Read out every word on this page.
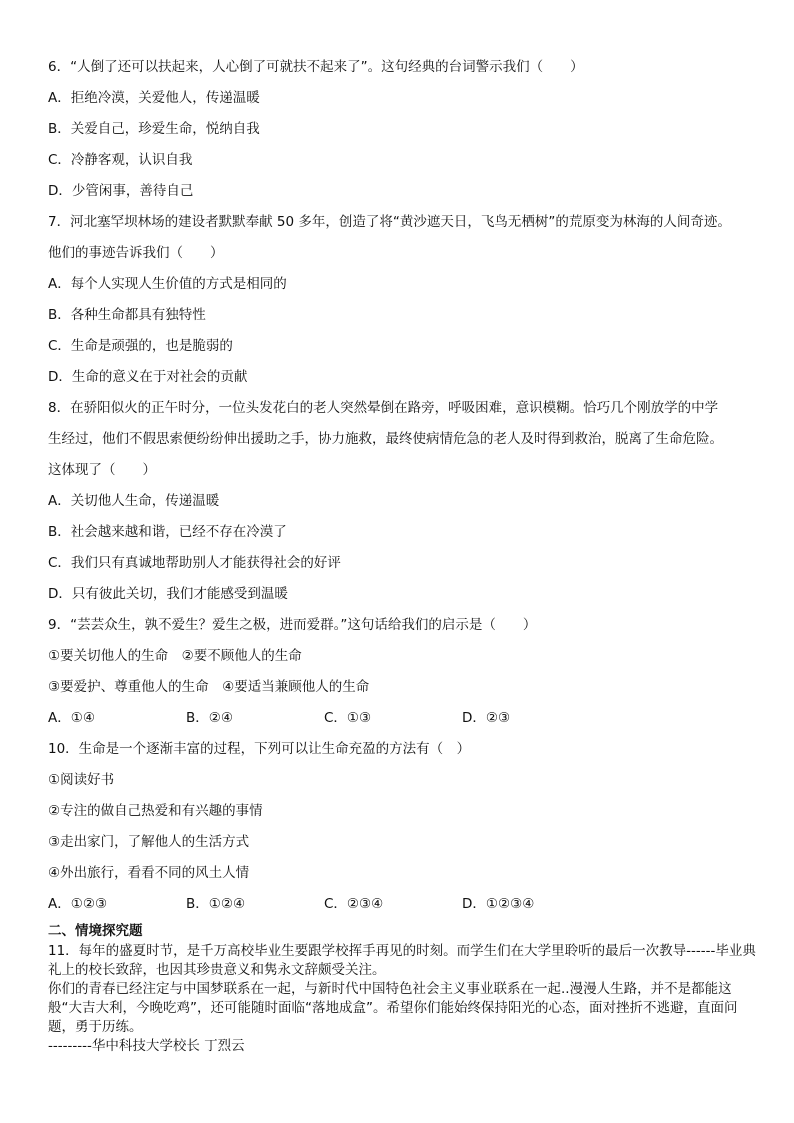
6．“人倒了还可以扶起来，人心倒了可就扶不起来了”。这句经典的台词警示我们（　　）
A．拒绝冷漠，关爱他人，传递温暖
B．关爱自己，珍爱生命，悦纳自我
C．冷静客观，认识自我
D．少管闲事，善待自己
7．河北塞罕坝林场的建设者默默奉献 50 多年，创造了将“黄沙遮天日，飞鸟无栖树”的荒原变为林海的人间奇迹。
他们的事迹告诉我们（　　）
A．每个人实现人生价值的方式是相同的
B．各种生命都具有独特性
C．生命是顽强的，也是脆弱的
D．生命的意义在于对社会的贡献
8．在骄阳似火的正午时分，一位头发花白的老人突然晕倒在路旁，呼吸困难，意识模糊。恰巧几个刚放学的中学
生经过，他们不假思索便纷纷伸出援助之手，协力施救，最终使病情危急的老人及时得到救治，脱离了生命危险。
这体现了（　　）
A．关切他人生命，传递温暖
B．社会越来越和谐，已经不存在冷漠了
C．我们只有真诚地帮助别人才能获得社会的好评
D．只有彼此关切，我们才能感受到温暖
9．“芸芸众生，孰不爱生？爱生之极，进而爱群。”这句话给我们的启示是（　　）
①要关切他人的生命　②要不顾他人的生命
③要爱护、尊重他人的生命　④要适当兼顾他人的生命
A．①④	B．②④	C．①③	D．②③
10．生命是一个逐渐丰富的过程，下列可以让生命充盈的方法有（　）
①阅读好书
②专注的做自己热爱和有兴趣的事情
③走出家门，了解他人的生活方式
④外出旅行，看看不同的风土人情
A．①②③	B．①②④	C．②③④	D．①②③④
二、情境探究题
11．每年的盛夏时节，是千万高校毕业生要跟学校挥手再见的时刻。而学生们在大学里聆听的最后一次教导------毕业典礼上的校长致辞，也因其珍贵意义和隽永文辞颇受关注。
你们的青春已经注定与中国梦联系在一起，与新时代中国特色社会主义事业联系在一起..漫漫人生路，并不是都能这般“大吉大利，今晚吃鸡”，还可能随时面临“落地成盒”。希望你们能始终保持阳光的心态，面对挫折不逃避，直面问题，勇于历练。
---------华中科技大学校长 丁烈云
